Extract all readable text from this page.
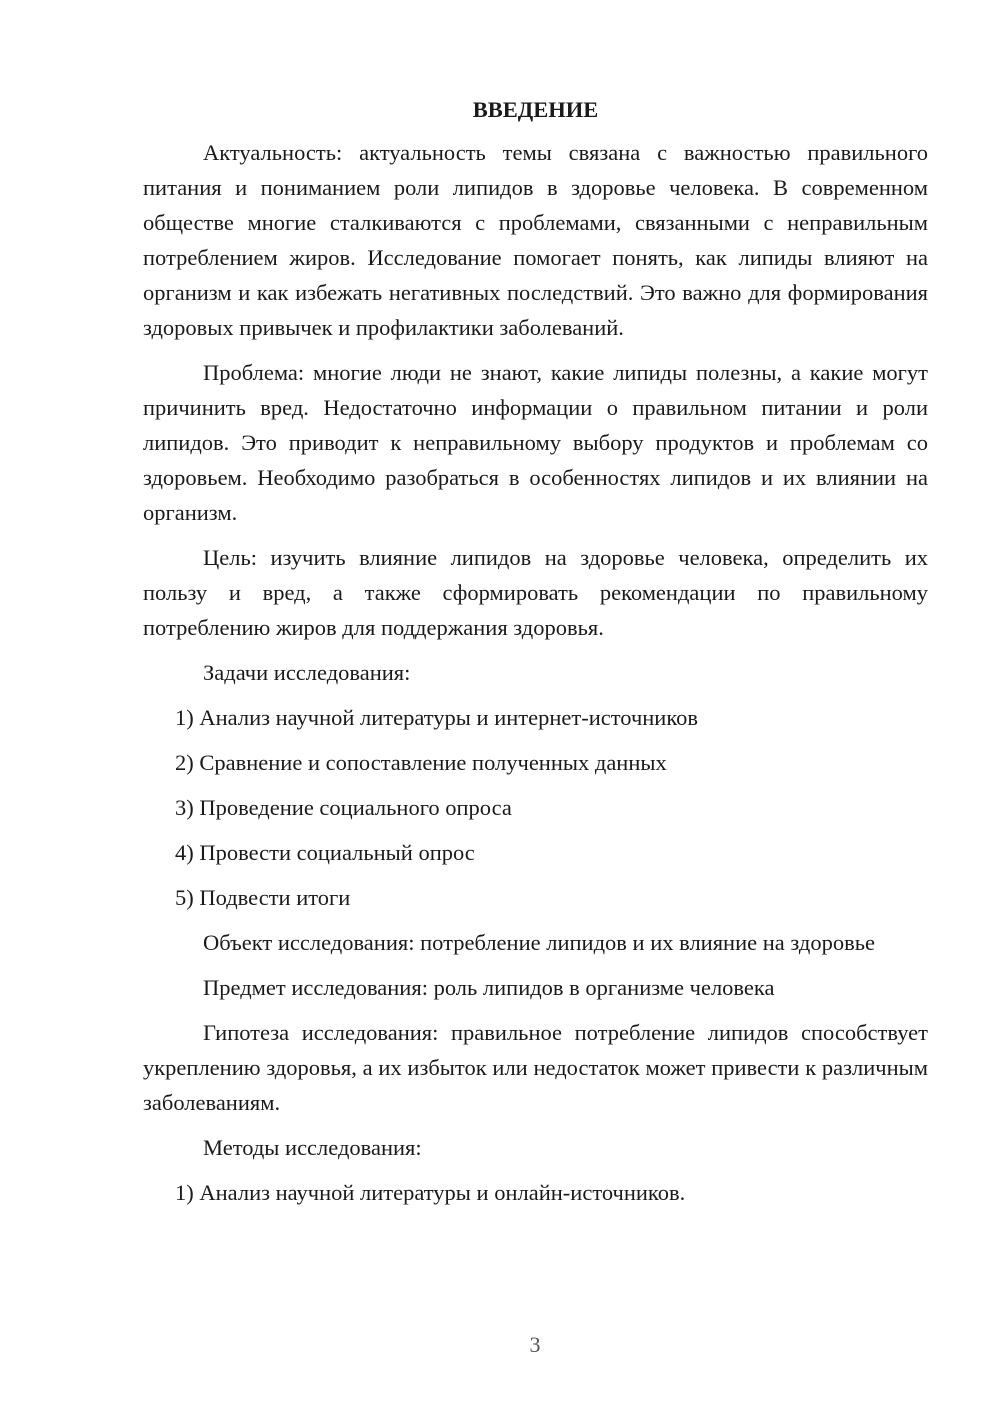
ВВЕДЕНИЕ

Актуальность: актуальность темы связана с важностью правильного питания и пониманием роли липидов в здоровье человека. В современном обществе многие сталкиваются с проблемами, связанными с неправильным потреблением жиров. Исследование помогает понять, как липиды влияют на организм и как избежать негативных последствий. Это важно для формирования здоровых привычек и профилактики заболеваний.

Проблема: многие люди не знают, какие липиды полезны, а какие могут причинить вред. Недостаточно информации о правильном питании и роли липидов. Это приводит к неправильному выбору продуктов и проблемам со здоровьем. Необходимо разобраться в особенностях липидов и их влиянии на организм.

Цель: изучить влияние липидов на здоровье человека, определить их пользу и вред, а также сформировать рекомендации по правильному потреблению жиров для поддержания здоровья.

Задачи исследования:

1) Анализ научной литературы и интернет-источников
2) Сравнение и сопоставление полученных данных
3) Проведение социального опроса
4) Провести социальный опрос
5) Подвести итоги

Объект исследования: потребление липидов и их влияние на здоровье

Предмет исследования: роль липидов в организме человека

Гипотеза исследования: правильное потребление липидов способствует укреплению здоровья, а их избыток или недостаток может привести к различным заболеваниям.

Методы исследования:

1) Анализ научной литературы и онлайн-источников.
3
